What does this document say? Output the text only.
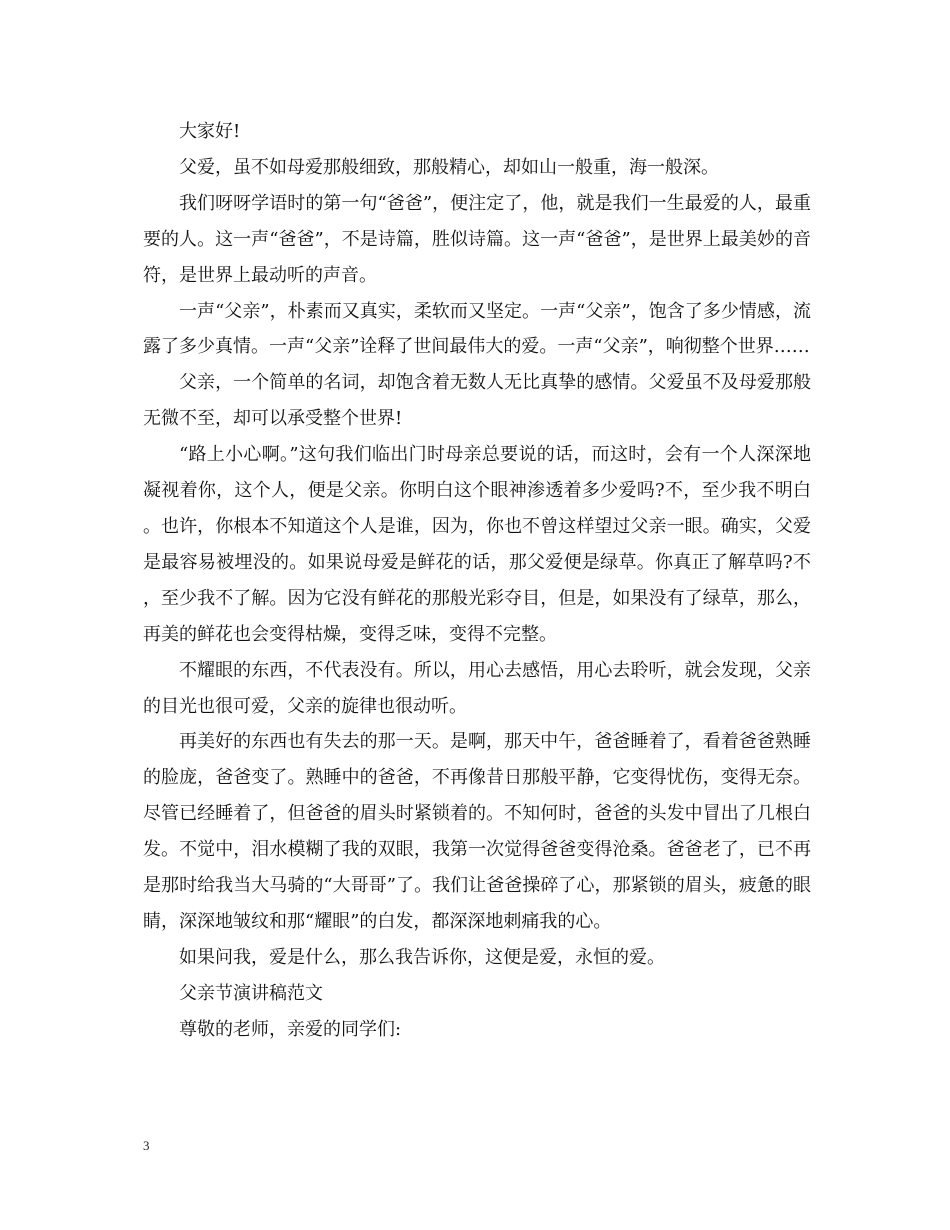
大家好!

父爱，虽不如母爱那般细致，那般精心，却如山一般重，海一般深。

我们呀呀学语时的第一句“爸爸”，便注定了，他，就是我们一生最爱的人，最重要的人。这一声“爸爸”，不是诗篇，胜似诗篇。这一声“爸爸”，是世界上最美妙的音符，是世界上最动听的声音。

一声“父亲”，朴素而又真实，柔软而又坚定。一声“父亲”，饱含了多少情感，流露了多少真情。一声“父亲”诠释了世间最伟大的爱。一声“父亲”，响彻整个世界……

父亲，一个简单的名词，却饱含着无数人无比真挚的感情。父爱虽不及母爱那般无微不至，却可以承受整个世界!

“路上小心啊。”这句我们临出门时母亲总要说的话，而这时，会有一个人深深地凝视着你，这个人，便是父亲。你明白这个眼神渗透着多少爱吗?不，至少我不明白。也许，你根本不知道这个人是谁，因为，你也不曾这样望过父亲一眼。确实，父爱是最容易被埋没的。如果说母爱是鲜花的话，那父爱便是绿草。你真正了解草吗?不，至少我不了解。因为它没有鲜花的那般光彩夺目，但是，如果没有了绿草，那么，再美的鲜花也会变得枯燥，变得乏味，变得不完整。

不耀眼的东西，不代表没有。所以，用心去感悟，用心去聆听，就会发现，父亲的目光也很可爱，父亲的旋律也很动听。

再美好的东西也有失去的那一天。是啊，那天中午，爸爸睡着了，看着爸爸熟睡的脸庞，爸爸变了。熟睡中的爸爸，不再像昔日那般平静，它变得忧伤，变得无奈。尽管已经睡着了，但爸爸的眉头时紧锁着的。不知何时，爸爸的头发中冒出了几根白发。不觉中，泪水模糊了我的双眼，我第一次觉得爸爸变得沧桑。爸爸老了，已不再是那时给我当大马骑的“大哥哥”了。我们让爸爸操碎了心，那紧锁的眉头，疲惫的眼睛，深深地皱纹和那“耀眼”的白发，都深深地刺痛我的心。

如果问我，爱是什么，那么我告诉你，这便是爱，永恒的爱。

父亲节演讲稿范文

尊敬的老师，亲爱的同学们:

3
